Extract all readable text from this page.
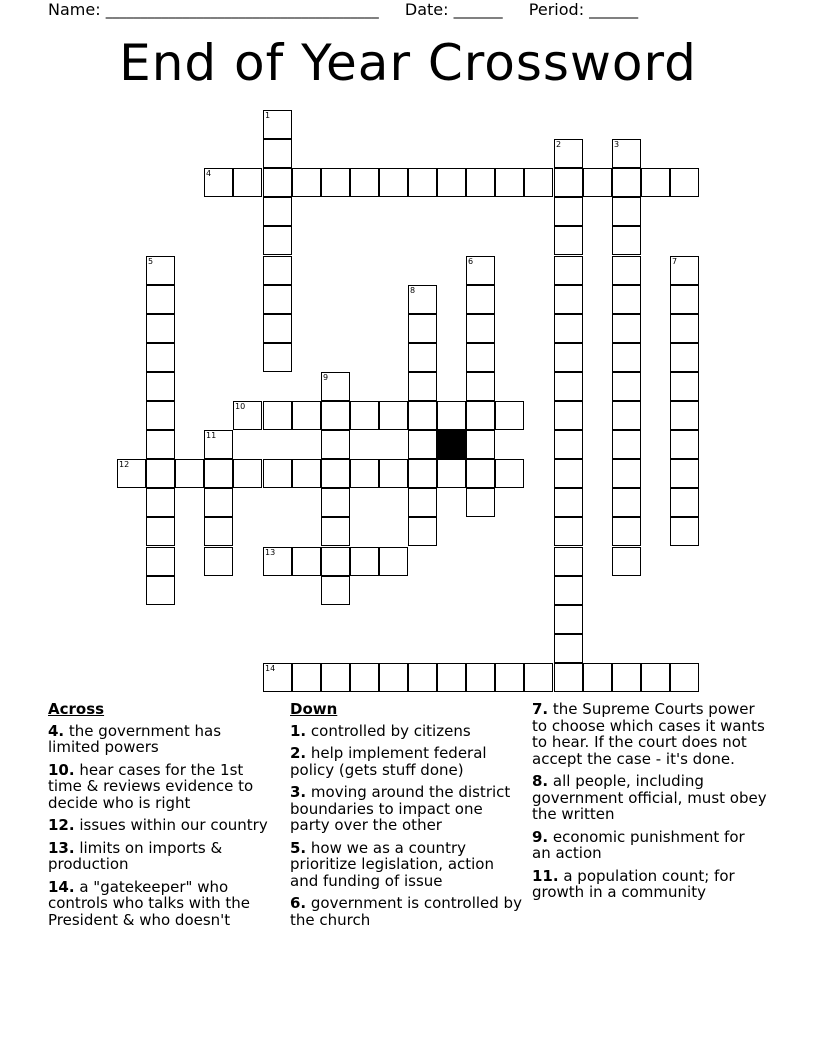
Name: _______________________________________ Date: _______ Period: _______
End of Year Crossword
1
2	3
4
5	6	7
8
9
10
11
12
13
14
Across
4. the government has limited powers
10. hear cases for the 1st time & reviews evidence to decide who is right
12. issues within our country
13. limits on imports & production
14. a "gatekeeper" who controls who talks with the President & who doesn't
Down
1. controlled by citizens
2. help implement federal policy (gets stuff done)
3. moving around the district boundaries to impact one party over the other
5. how we as a country prioritize legislation, action and funding of issue
6. government is controlled by the church
7. the Supreme Courts power to choose which cases it wants to hear. If the court does not accept the case - it's done.
8. all people, including government official, must obey the written
9. economic punishment for an action
11. a population count; for growth in a community
